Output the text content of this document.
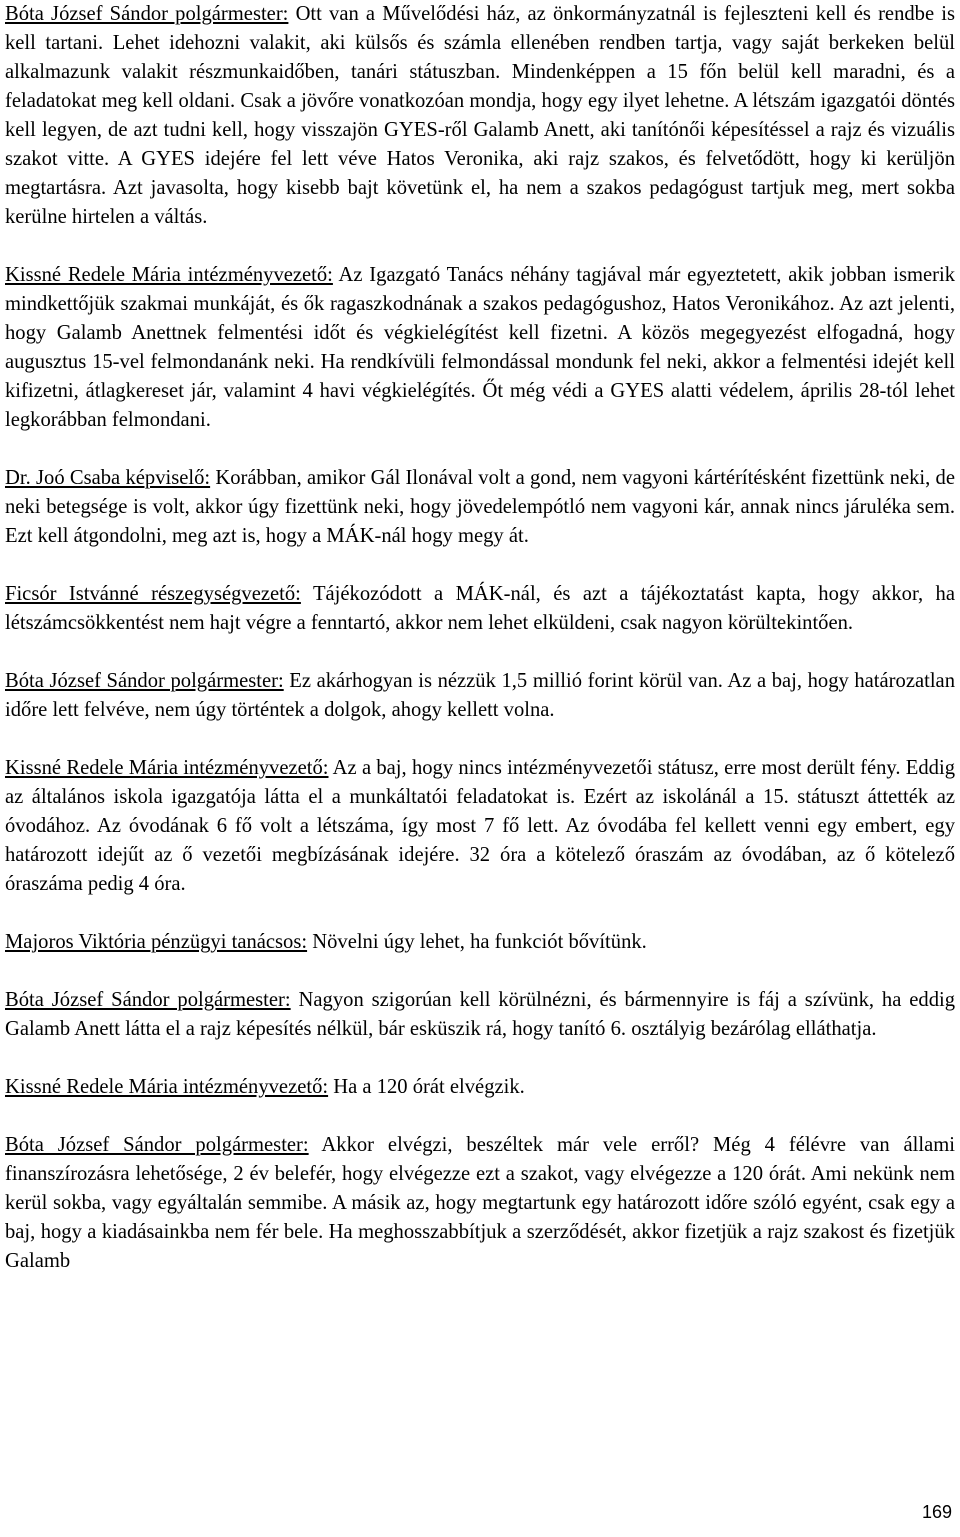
Bóta József Sándor polgármester: Ott van a Művelődési ház, az önkormányzatnál is fejleszteni kell és rendbe is kell tartani. Lehet idehozni valakit, aki külsős és számla ellenében rendben tartja, vagy saját berkeken belül alkalmazunk valakit részmunkaidőben, tanári státuszban. Mindenképpen a 15 főn belül kell maradni, és a feladatokat meg kell oldani. Csak a jövőre vonatkozóan mondja, hogy egy ilyet lehetne. A létszám igazgatói döntés kell legyen, de azt tudni kell, hogy visszajön GYES-ről Galamb Anett, aki tanítónői képesítéssel a rajz és vizuális szakot vitte. A GYES idejére fel lett véve Hatos Veronika, aki rajz szakos, és felvetődött, hogy ki kerüljön megtartásra. Azt javasolta, hogy kisebb bajt követünk el, ha nem a szakos pedagógust tartjuk meg, mert sokba kerülne hirtelen a váltás.

Kissné Redele Mária intézményvezető: Az Igazgató Tanács néhány tagjával már egyeztetett, akik jobban ismerik mindkettőjük szakmai munkáját, és ők ragaszkodnának a szakos pedagógushoz, Hatos Veronikához. Az azt jelenti, hogy Galamb Anettnek felmentési időt és végkielégítést kell fizetni. A közös megegyezést elfogadná, hogy augusztus 15-vel felmondanánk neki. Ha rendkívüli felmondással mondunk fel neki, akkor a felmentési idejét kell kifizetni, átlagkereset jár, valamint 4 havi végkielégítés. Őt még védi a GYES alatti védelem, április 28-tól lehet legkorábban felmondani.

Dr. Joó Csaba képviselő: Korábban, amikor Gál Ilonával volt a gond, nem vagyoni kártérítésként fizettünk neki, de neki betegsége is volt, akkor úgy fizettünk neki, hogy jövedelempótló nem vagyoni kár, annak nincs járuléka sem. Ezt kell átgondolni, meg azt is, hogy a MÁK-nál hogy megy át.

Ficsór Istvánné részegységvezető: Tájékozódott a MÁK-nál, és azt a tájékoztatást kapta, hogy akkor, ha létszámcsökkentést nem hajt végre a fenntartó, akkor nem lehet elküldeni, csak nagyon körültekintően.

Bóta József Sándor polgármester: Ez akárhogyan is nézzük 1,5 millió forint körül van. Az a baj, hogy határozatlan időre lett felvéve, nem úgy történtek a dolgok, ahogy kellett volna.

Kissné Redele Mária intézményvezető: Az a baj, hogy nincs intézményvezetői státusz, erre most derült fény. Eddig az általános iskola igazgatója látta el a munkáltatói feladatokat is. Ezért az iskolánál a 15. státuszt áttették az óvodához. Az óvodának 6 fő volt a létszáma, így most 7 fő lett. Az óvodába fel kellett venni egy embert, egy határozott idejűt az ő vezetői megbízásának idejére. 32 óra a kötelező óraszám az óvodában, az ő kötelező óraszáma pedig 4 óra.

Majoros Viktória pénzügyi tanácsos: Növelni úgy lehet, ha funkciót bővítünk.

Bóta József Sándor polgármester: Nagyon szigorúan kell körülnézni, és bármennyire is fáj a szívünk, ha eddig Galamb Anett látta el a rajz képesítés nélkül, bár esküszik rá, hogy tanító 6. osztályig bezárólag elláthatja.

Kissné Redele Mária intézményvezető: Ha a 120 órát elvégzik.

Bóta József Sándor polgármester: Akkor elvégzi, beszéltek már vele erről? Még 4 félévre van állami finanszírozásra lehetősége, 2 év belefér, hogy elvégezze ezt a szakot, vagy elvégezze a 120 órát. Ami nekünk nem kerül sokba, vagy egyáltalán semmibe. A másik az, hogy megtartunk egy határozott időre szóló egyént, csak egy a baj, hogy a kiadásainkba nem fér bele. Ha meghosszabbítjuk a szerződését, akkor fizetjük a rajz szakost és fizetjük Galamb

169
